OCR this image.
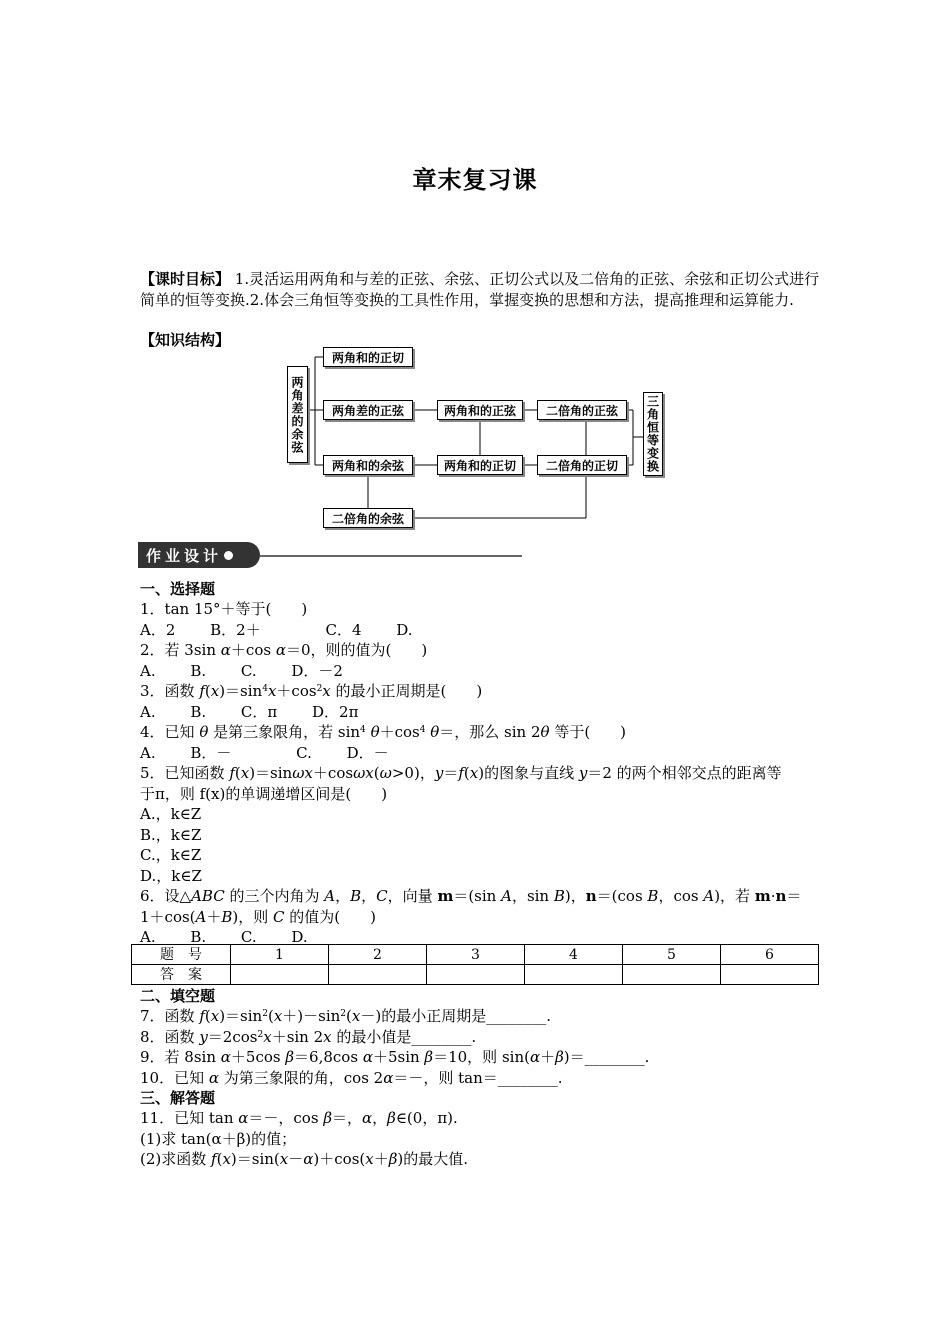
章末复习课
【课时目标】 1.灵活运用两角和与差的正弦、余弦、正切公式以及二倍角的正弦、余弦和正切公式进行简单的恒等变换.2.体会三角恒等变换的工具性作用，掌握变换的思想和方法，提高推理和运算能力.
【知识结构】
两角差的余弦
两角和的正切
两角差的正弦
两角和的余弦
两角和的正弦
两角和的正切
二倍角的正弦
二倍角的正切
二倍角的余弦
三角恒等变换
作业设计
一、选择题
1．tan 15°＋等于(　　)
A．2　　 B．2＋　　　　 C．4　　 D.
2．若 3sin α＋cos α＝0，则的值为(　　)
A.　　 B.　　 C.　　 D．－2
3．函数 $f(x)=\sin^4x+\cos^2x$ 的最小正周期是(　　)
A.　　 B.　　 C．π　　 D．2π
4．已知 θ 是第三象限角，若 $\sin^4 \theta+\cos^4$ θ＝，那么 sin 2θ 等于(　　)
A.　　 B．－　　　　 C.　　 D．－
5．已知函数 f(x)＝sinωx＋cosωx(ω>0)，y＝f(x)的图象与直线 y＝2 的两个相邻交点的距离等
于π，则 f(x)的单调递增区间是(　　)
A.，k∈Z
B.，k∈Z
C.，k∈Z
D.，k∈Z
6．设△ABC 的三个内角为 A，B，C，向量 m＝(sin A，sin B)，n＝(cos B，cos A)，若 m·n＝
1＋cos(A＋B)，则 C 的值为(　　)
A.　　 B.　　 C.　　 D.
题　号	1	2	3	4	5	6
答　案						
二、填空题
7．函数 $f(x)=\sin^2(x+)-\sin^2(x-)$的最小正周期是________.
8．函数 $y=2\cos^2x+\sin$ 2x 的最小值是________.
9．若 8sin α＋5cos β＝6,8cos α＋5sin β＝10，则 sin(α＋β)＝________.
10．已知 α 为第三象限的角，cos 2α＝－，则 tan＝________.
三、解答题
11．已知 tan α＝－，cos β＝，α，β∈(0，π).
(1)求 tan(α＋β)的值；
(2)求函数 f(x)＝sin(x－α)＋cos(x＋β)的最大值.
